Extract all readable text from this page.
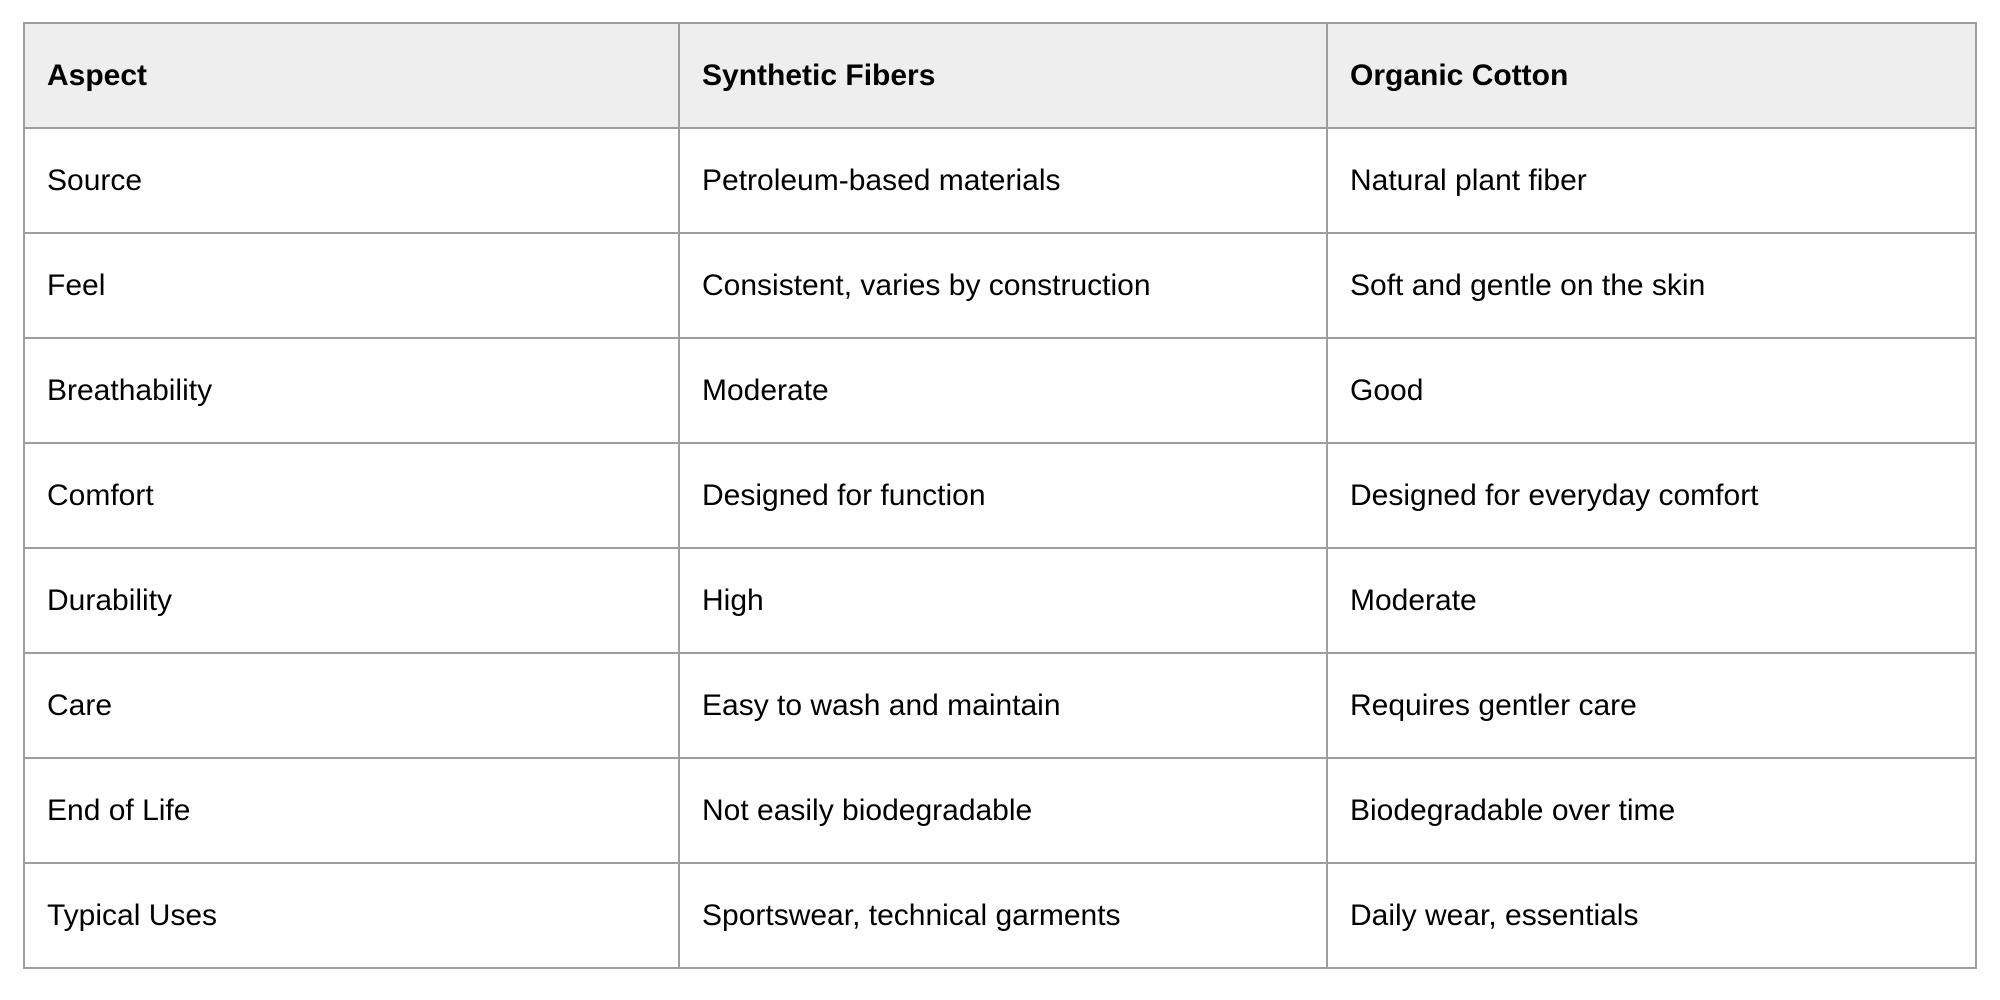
Aspect	Synthetic Fibers	Organic Cotton
Source	Petroleum-based materials	Natural plant fiber
Feel	Consistent, varies by construction	Soft and gentle on the skin
Breathability	Moderate	Good
Comfort	Designed for function	Designed for everyday comfort
Durability	High	Moderate
Care	Easy to wash and maintain	Requires gentler care
End of Life	Not easily biodegradable	Biodegradable over time
Typical Uses	Sportswear, technical garments	Daily wear, essentials
